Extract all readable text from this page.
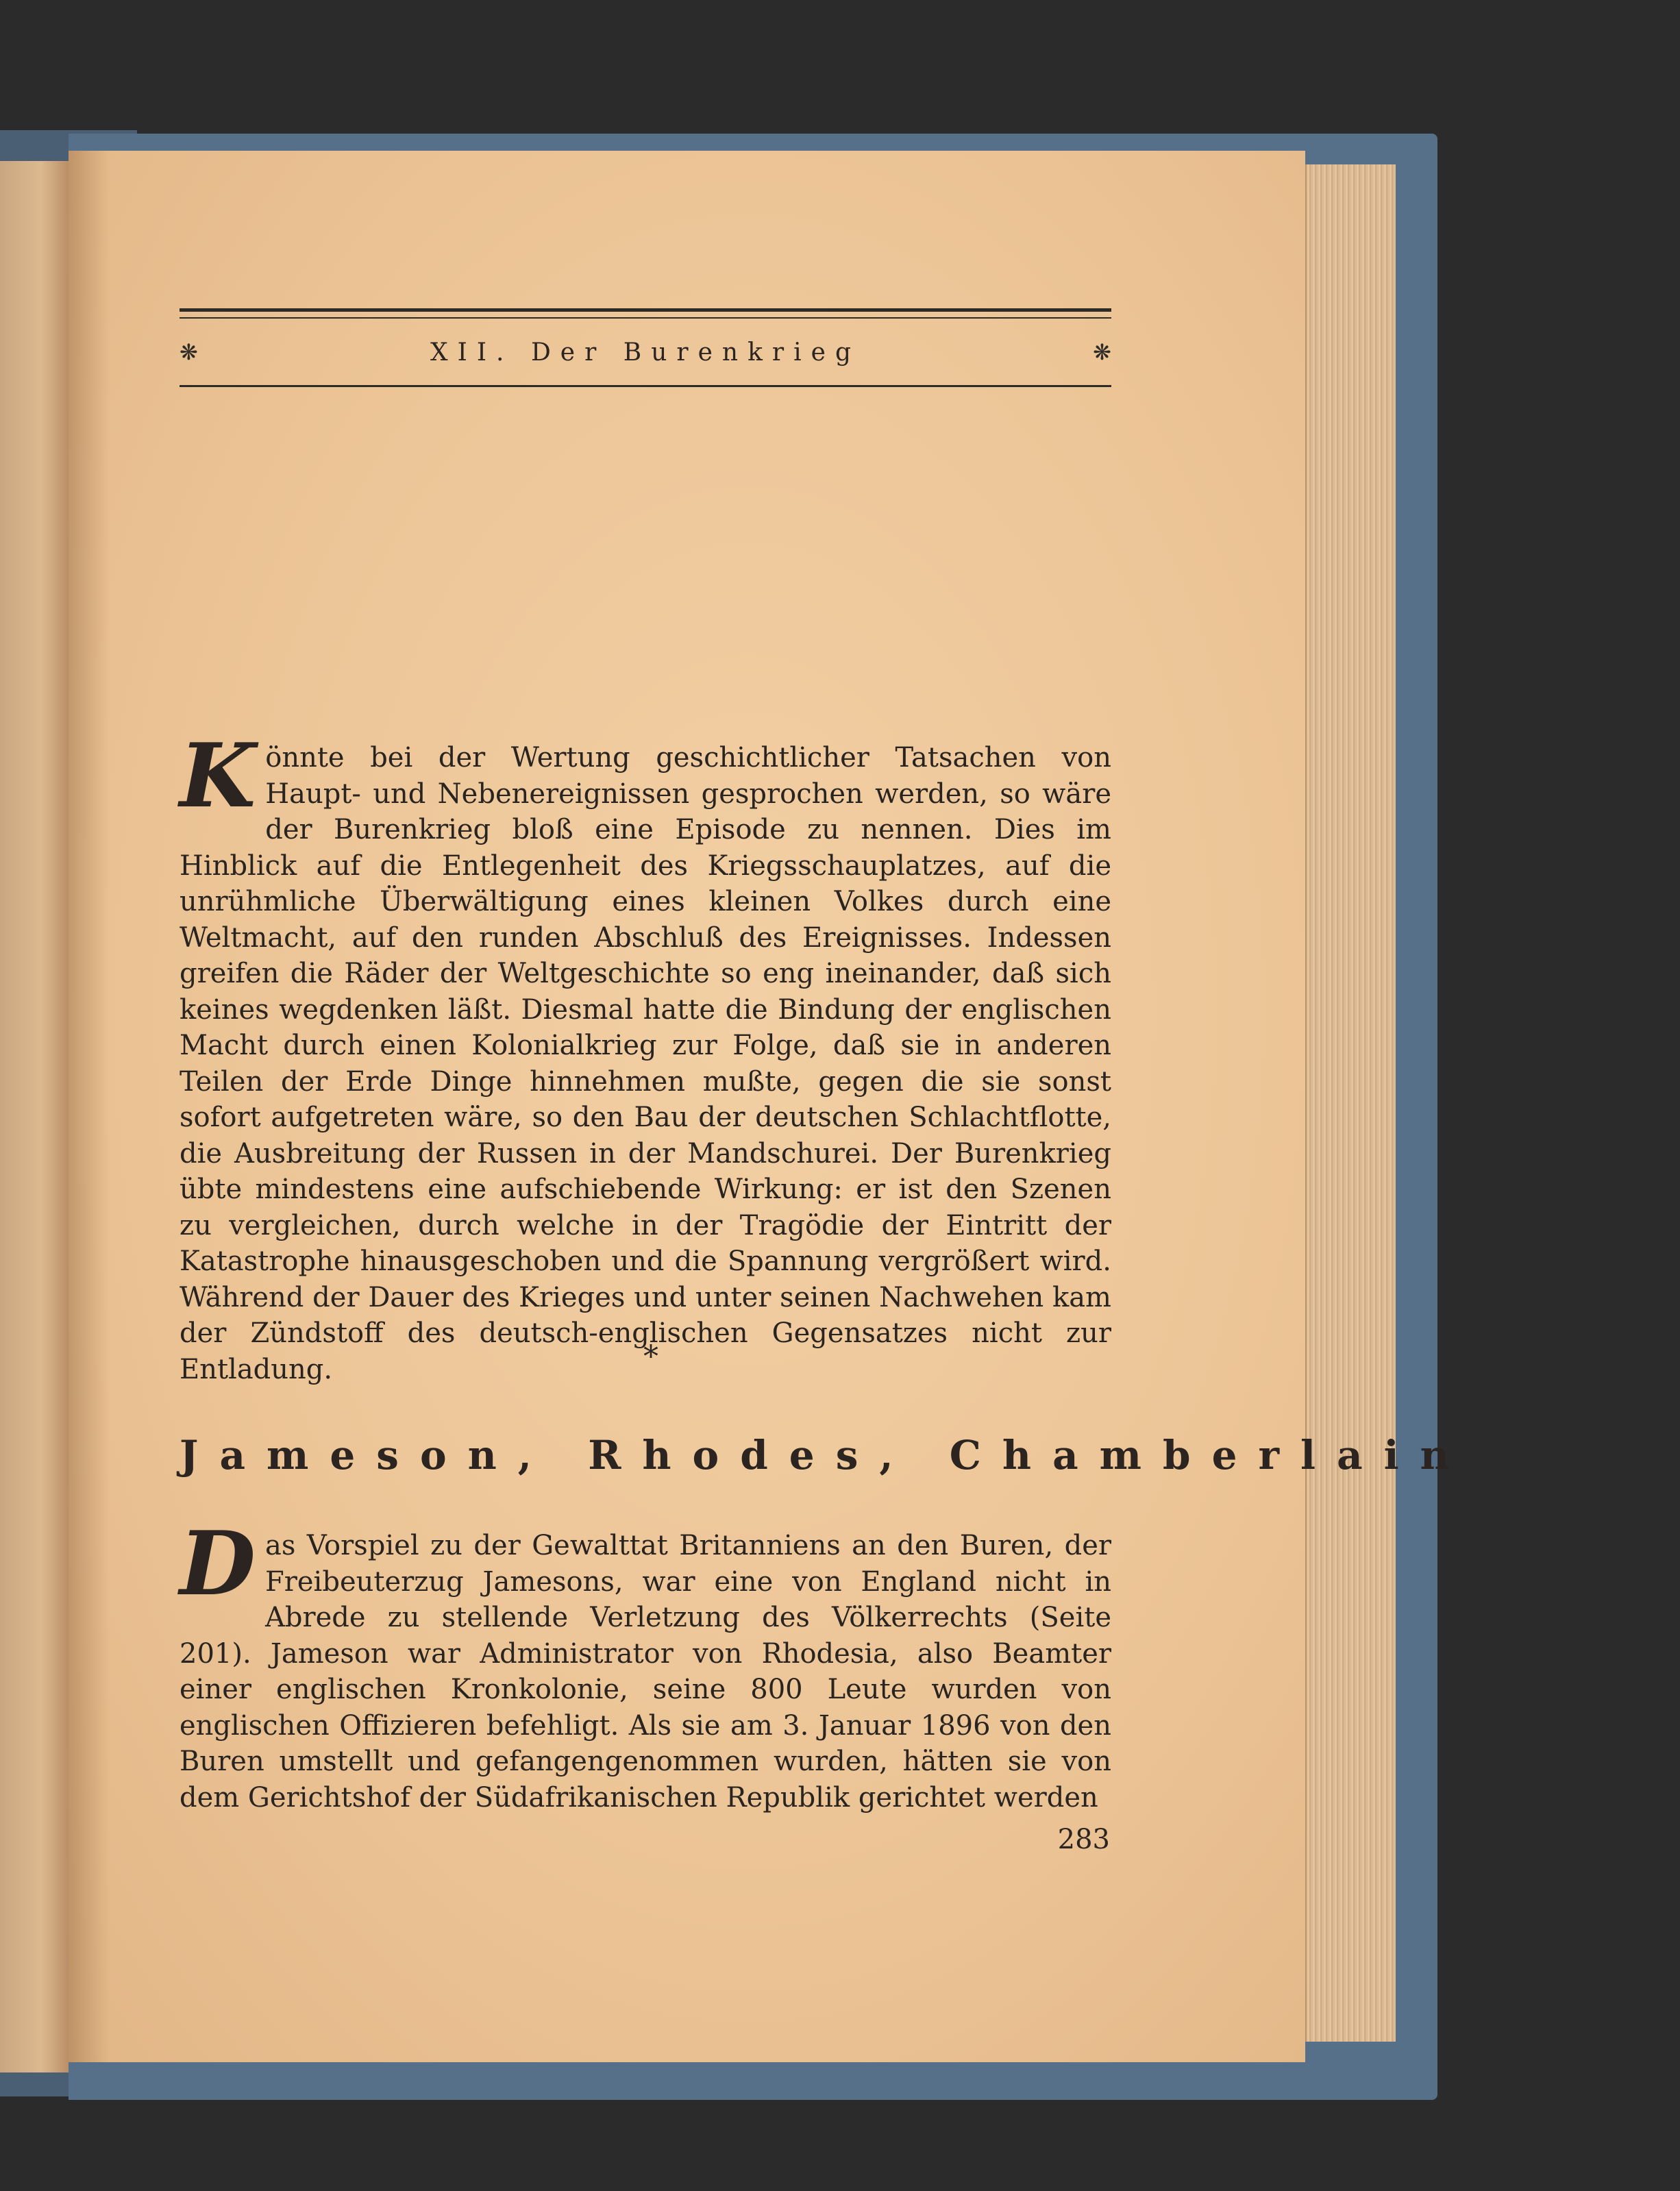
❋	XII. Der Burenkrieg	❋
Könnte bei der Wertung geschichtlicher Tatsachen von Haupt- und Nebenereignissen gesprochen werden, so wäre der Burenkrieg bloß eine Episode zu nennen. Dies im Hinblick auf die Entlegenheit des Kriegsschauplatzes, auf die unrühmliche Überwältigung eines kleinen Volkes durch eine Weltmacht, auf den runden Abschluß des Ereignisses. Indessen greifen die Räder der Weltgeschichte so eng ineinander, daß sich keines wegdenken läßt. Diesmal hatte die Bindung der englischen Macht durch einen Kolonialkrieg zur Folge, daß sie in anderen Teilen der Erde Dinge hinnehmen mußte, gegen die sie sonst sofort aufgetreten wäre, so den Bau der deutschen Schlachtflotte, die Ausbreitung der Russen in der Mandschurei. Der Burenkrieg übte mindestens eine aufschiebende Wirkung: er ist den Szenen zu vergleichen, durch welche in der Tragödie der Eintritt der Katastrophe hinausgeschoben und die Spannung vergrößert wird. Während der Dauer des Krieges und unter seinen Nachwehen kam der Zündstoff des deutsch-englischen Gegensatzes nicht zur Entladung.	*
Jameson, Rhodes, Chamberlain
Das Vorspiel zu der Gewalttat Britanniens an den Buren, der Freibeuterzug Jamesons, war eine von England nicht in Abrede zu stellende Verletzung des Völkerrechts (Seite 201). Jameson war Administrator von Rhodesia, also Beamter einer englischen Kronkolonie, seine 800 Leute wurden von englischen Offizieren befehligt. Als sie am 3. Januar 1896 von den Buren umstellt und gefangengenommen wurden, hätten sie von dem Gerichtshof der Südafrikanischen Republik gerichtet werden
283
